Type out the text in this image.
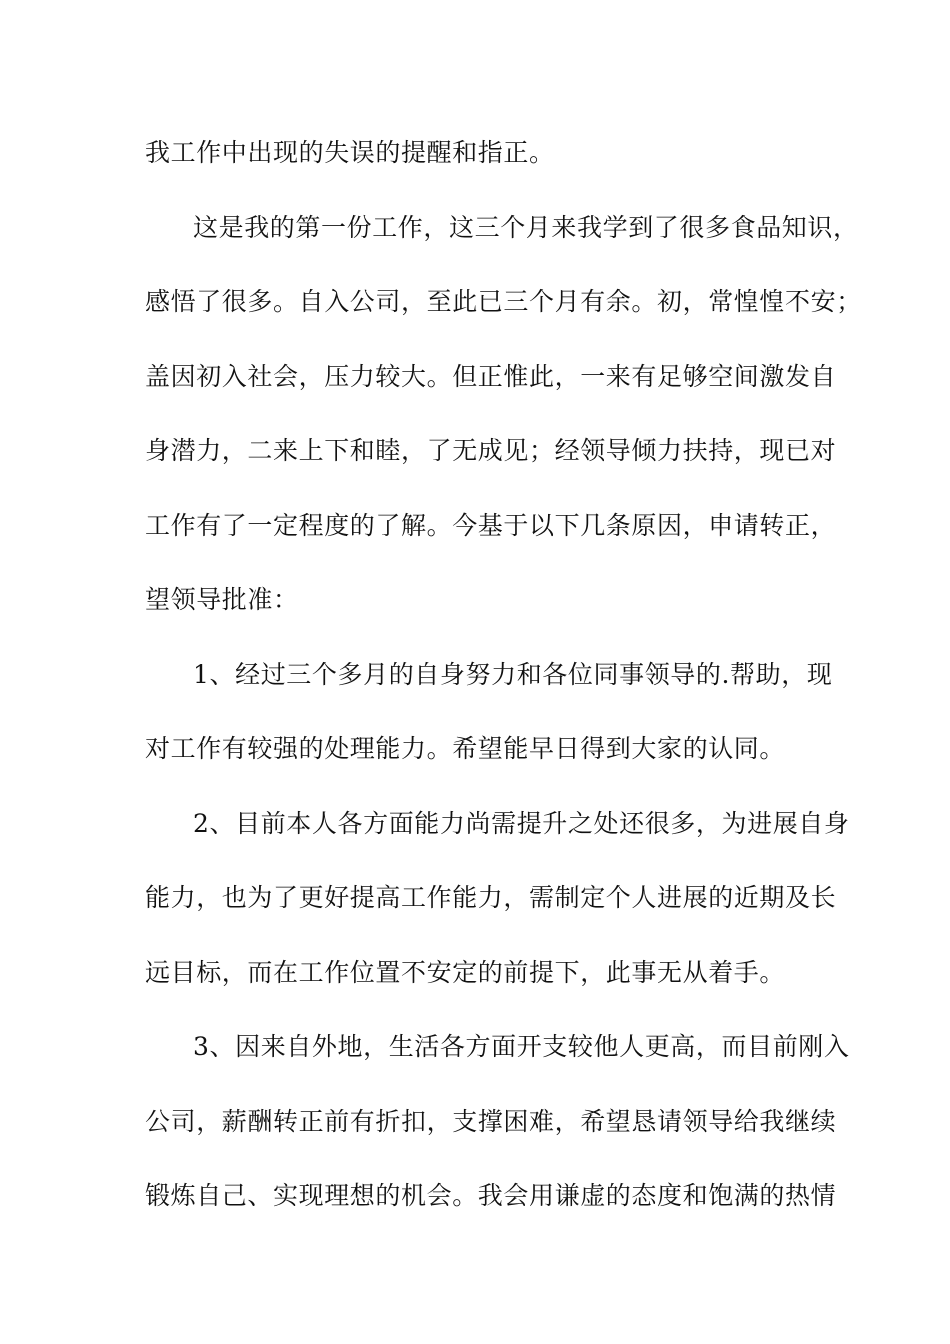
我工作中出现的失误的提醒和指正。

这是我的第一份工作，这三个月来我学到了很多食品知识，

感悟了很多。自入公司，至此已三个月有余。初，常惶惶不安；

盖因初入社会，压力较大。但正惟此，一来有足够空间激发自

身潜力，二来上下和睦，了无成见；经领导倾力扶持，现已对

工作有了一定程度的了解。今基于以下几条原因，申请转正，

望领导批准：

1、经过三个多月的自身努力和各位同事领导的.帮助，现

对工作有较强的处理能力。希望能早日得到大家的认同。

2、目前本人各方面能力尚需提升之处还很多，为进展自身

能力，也为了更好提高工作能力，需制定个人进展的近期及长

远目标，而在工作位置不安定的前提下，此事无从着手。

3、因来自外地，生活各方面开支较他人更高，而目前刚入

公司，薪酬转正前有折扣，支撑困难，希望恳请领导给我继续

锻炼自己、实现理想的机会。我会用谦虚的态度和饱满的热情
